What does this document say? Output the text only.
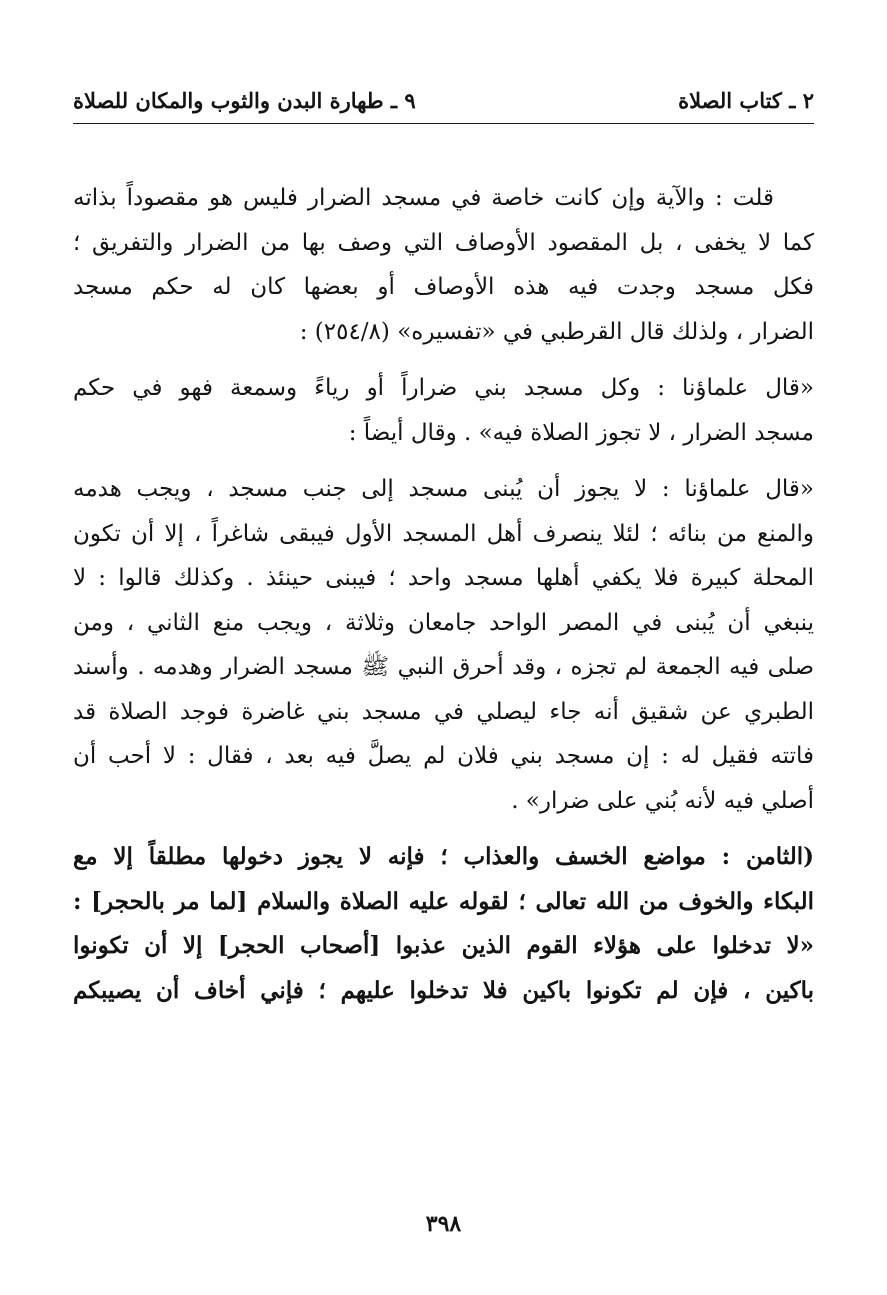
٢ ـ كتاب الصلاة
٩ ـ طهارة البدن والثوب والمكان للصلاة
قلت : والآية وإن كانت خاصة في مسجد الضرار فليس هو مقصوداً بذاته
كما لا يخفى ، بل المقصود الأوصاف التي وصف بها من الضرار والتفريق ؛
فكل مسجد وجدت فيه هذه الأوصاف أو بعضها كان له حكم مسجد
الضرار ، ولذلك قال القرطبي في «تفسيره» (٢٥٤/٨) :
«قال علماؤنا : وكل مسجد بني ضراراً أو رياءً وسمعة فهو في حكم
مسجد الضرار ، لا تجوز الصلاة فيه» . وقال أيضاً :
«قال علماؤنا : لا يجوز أن يُبنى مسجد إلى جنب مسجد ، ويجب هدمه
والمنع من بنائه ؛ لئلا ينصرف أهل المسجد الأول فيبقى شاغراً ، إلا أن تكون
المحلة كبيرة فلا يكفي أهلها مسجد واحد ؛ فيبنى حينئذ . وكذلك قالوا : لا
ينبغي أن يُبنى في المصر الواحد جامعان وثلاثة ، ويجب منع الثاني ، ومن
صلى فيه الجمعة لم تجزه ، وقد أحرق النبي ﷺ مسجد الضرار وهدمه . وأسند
الطبري عن شقيق أنه جاء ليصلي في مسجد بني غاضرة فوجد الصلاة قد
فاتته فقيل له : إن مسجد بني فلان لم يصلَّ فيه بعد ، فقال : لا أحب أن
أصلي فيه لأنه بُني على ضرار» .
(الثامن : مواضع الخسف والعذاب ؛ فإنه لا يجوز دخولها مطلقاً إلا مع
البكاء والخوف من الله تعالى ؛ لقوله عليه الصلاة والسلام [لما مر بالحجر] :
«لا تدخلوا على هؤلاء القوم الذين عذبوا [أصحاب الحجر] إلا أن تكونوا
باكين ، فإن لم تكونوا باكين فلا تدخلوا عليهم ؛ فإني أخاف أن يصيبكم
٣٩٨
